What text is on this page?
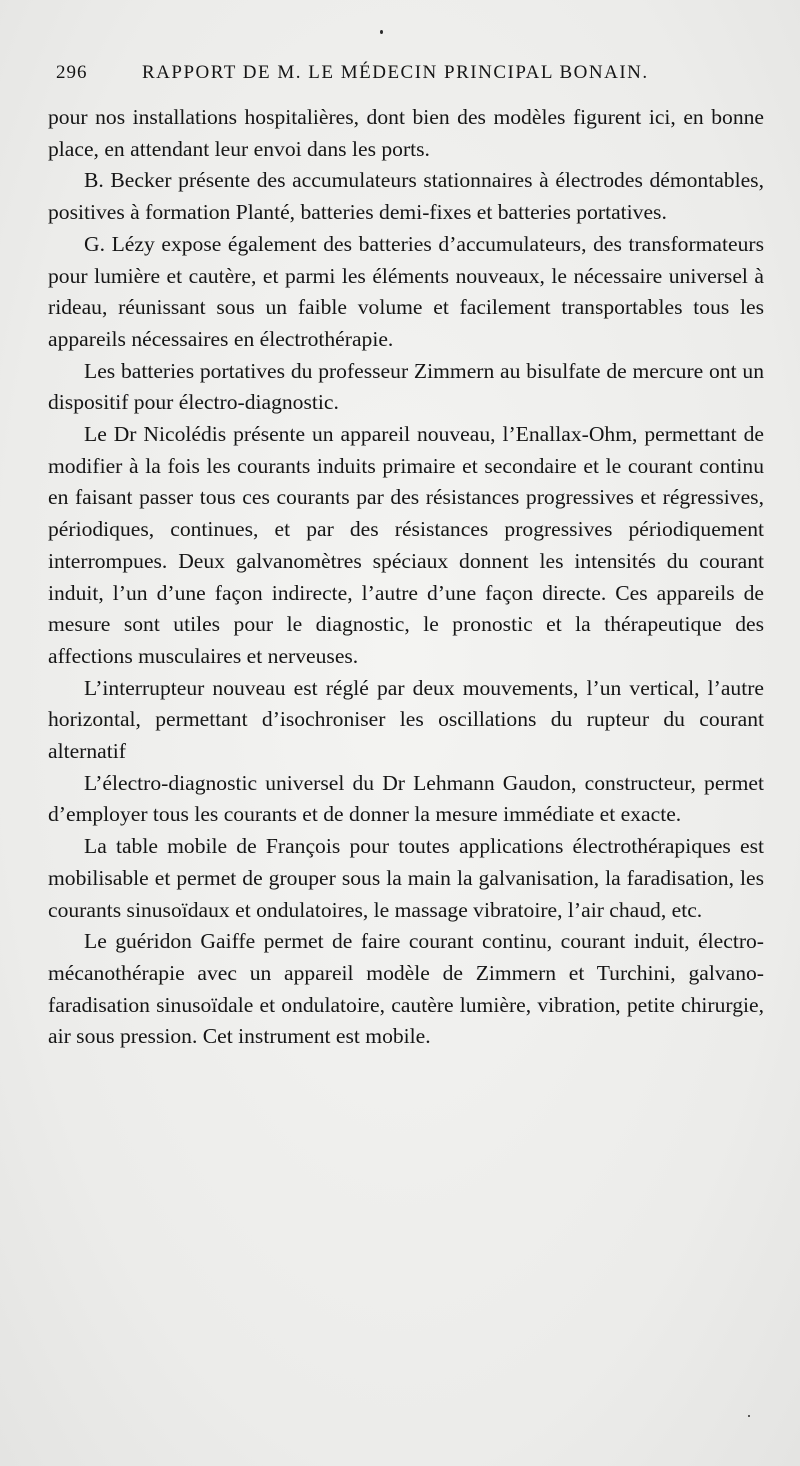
296	RAPPORT DE M. LE MÉDECIN PRINCIPAL BONAIN.

pour nos installations hospitalières, dont bien des modèles figurent ici, en bonne place, en attendant leur envoi dans les ports.

B. Becker présente des accumulateurs stationnaires à électrodes démontables, positives à formation Planté, batteries demi-fixes et batteries portatives.

G. Lézy expose également des batteries d’accumulateurs, des transformateurs pour lumière et cautère, et parmi les éléments nouveaux, le nécessaire universel à rideau, réunissant sous un faible volume et facilement transportables tous les appareils nécessaires en électrothérapie.

Les batteries portatives du professeur Zimmern au bisulfate de mercure ont un dispositif pour électro-diagnostic.

Le Dr Nicolédis présente un appareil nouveau, l’Enallax-Ohm, permettant de modifier à la fois les courants induits primaire et secondaire et le courant continu en faisant passer tous ces courants par des résistances progressives et régressives, périodiques, continues, et par des résistances progressives périodiquement interrompues. Deux galvanomètres spéciaux donnent les intensités du courant induit, l’un d’une façon indirecte, l’autre d’une façon directe. Ces appareils de mesure sont utiles pour le diagnostic, le pronostic et la thérapeutique des affections musculaires et nerveuses.

L’interrupteur nouveau est réglé par deux mouvements, l’un vertical, l’autre horizontal, permettant d’isochroniser les oscillations du rupteur du courant alternatif

L’électro-diagnostic universel du Dr Lehmann Gaudon, constructeur, permet d’employer tous les courants et de donner la mesure immédiate et exacte.

La table mobile de François pour toutes applications électrothérapiques est mobilisable et permet de grouper sous la main la galvanisation, la faradisation, les courants sinusoïdaux et ondulatoires, le massage vibratoire, l’air chaud, etc.

Le guéridon Gaiffe permet de faire courant continu, courant induit, électro-mécanothérapie avec un appareil modèle de Zimmern et Turchini, galvano-faradisation sinusoïdale et ondulatoire, cautère lumière, vibration, petite chirurgie, air sous pression. Cet instrument est mobile.
